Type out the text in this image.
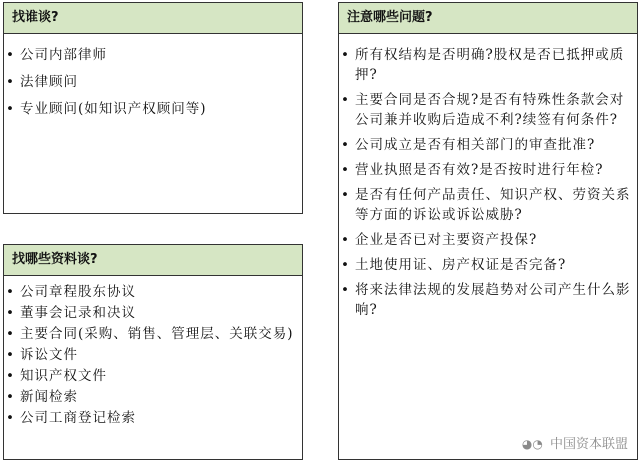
找谁谈?
• 公司内部律师
• 法律顾问
• 专业顾问(如知识产权顾问等)
找哪些资料谈?
• 公司章程股东协议
• 董事会记录和决议
• 主要合同(采购、销售、管理层、关联交易)
• 诉讼文件
• 知识产权文件
• 新闻检索
• 公司工商登记检索
注意哪些问题?
• 所有权结构是否明确?股权是否已抵押或质押?
• 主要合同是否合规?是否有特殊性条款会对公司兼并收购后造成不利?续签有何条件?
• 公司成立是否有相关部门的审查批准?
• 营业执照是否有效?是否按时进行年检?
• 是否有任何产品责任、知识产权、劳资关系等方面的诉讼或诉讼威胁?
• 企业是否已对主要资产投保?
• 土地使用证、房产权证是否完备?
• 将来法律法规的发展趋势对公司产生什么影响?
◕◔ 中国资本联盟
